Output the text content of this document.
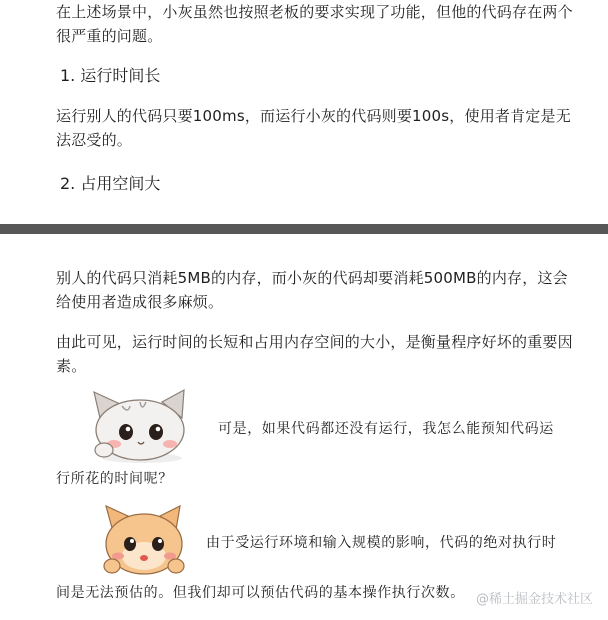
在上述场景中，小灰虽然也按照老板的要求实现了功能，但他的代码存在两个很严重的问题。
1. 运行时间长
运行别人的代码只要100ms，而运行小灰的代码则要100s，使用者肯定是无法忍受的。
2. 占用空间大
别人的代码只消耗5MB的内存，而小灰的代码却要消耗500MB的内存，这会给使用者造成很多麻烦。
由此可见，运行时间的长短和占用内存空间的大小，是衡量程序好坏的重要因素。
可是，如果代码都还没有运行，我怎么能预知代码运
行所花的时间呢？
由于受运行环境和输入规模的影响，代码的绝对执行时
间是无法预估的。但我们却可以预估代码的基本操作执行次数。 @稀土掘金技术社区
